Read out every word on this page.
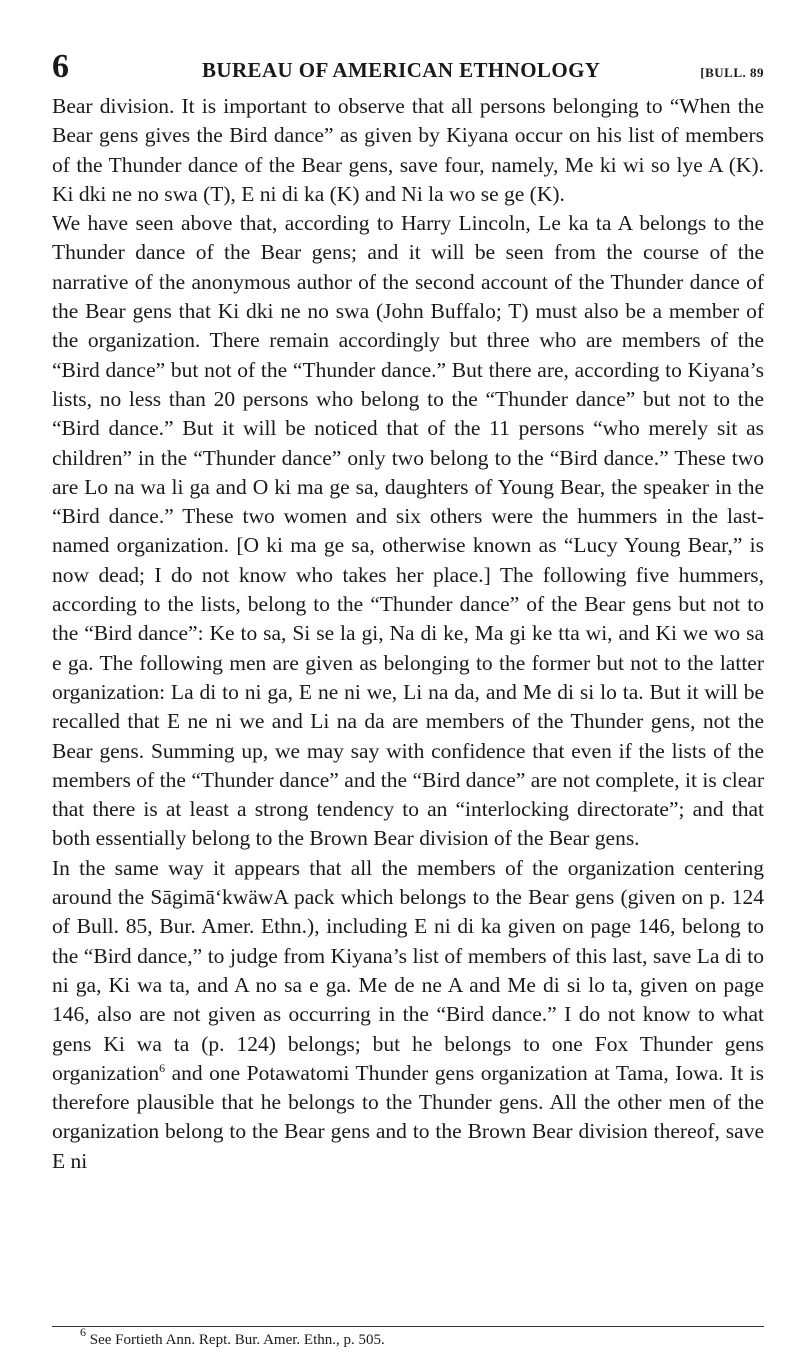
6	BUREAU OF AMERICAN ETHNOLOGY	[BULL. 89

Bear division. It is important to observe that all persons belonging to “When the Bear gens gives the Bird dance” as given by Kiyana occur on his list of members of the Thunder dance of the Bear gens, save four, namely, Me ki wi so lye A (K). Ki dki ne no swa (T), E ni di ka (K) and Ni la wo se ge (K).

We have seen above that, according to Harry Lincoln, Le ka ta A belongs to the Thunder dance of the Bear gens; and it will be seen from the course of the narrative of the anonymous author of the second account of the Thunder dance of the Bear gens that Ki dki ne no swa (John Buffalo; T) must also be a member of the organization. There remain accordingly but three who are members of the “Bird dance” but not of the “Thunder dance.” But there are, according to Kiyana’s lists, no less than 20 persons who belong to the “Thunder dance” but not to the “Bird dance.” But it will be noticed that of the 11 persons “who merely sit as children” in the “Thunder dance” only two belong to the “Bird dance.” These two are Lo na wa li ga and O ki ma ge sa, daughters of Young Bear, the speaker in the “Bird dance.” These two women and six others were the hummers in the last-named organization. [O ki ma ge sa, otherwise known as “Lucy Young Bear,” is now dead; I do not know who takes her place.] The following five hummers, according to the lists, belong to the “Thunder dance” of the Bear gens but not to the “Bird dance”: Ke to sa, Si se la gi, Na di ke, Ma gi ke tta wi, and Ki we wo sa e ga. The following men are given as belonging to the former but not to the latter organization: La di to ni ga, E ne ni we, Li na da, and Me di si lo ta. But it will be recalled that E ne ni we and Li na da are members of the Thunder gens, not the Bear gens. Summing up, we may say with confidence that even if the lists of the members of the “Thunder dance” and the “Bird dance” are not complete, it is clear that there is at least a strong tendency to an “interlocking directorate”; and that both essentially belong to the Brown Bear division of the Bear gens.

In the same way it appears that all the members of the organization centering around the SāgimāʻkwäwA pack which belongs to the Bear gens (given on p. 124 of Bull. 85, Bur. Amer. Ethn.), including E ni di ka given on page 146, belong to the “Bird dance,” to judge from Kiyana’s list of members of this last, save La di to ni ga, Ki wa ta, and A no sa e ga. Me de ne A and Me di si lo ta, given on page 146, also are not given as occurring in the “Bird dance.” I do not know to what gens Ki wa ta (p. 124) belongs; but he belongs to one Fox Thunder gens organization$^6$ and one Potawatomi Thunder gens organization at Tama, Iowa. It is therefore plausible that he belongs to the Thunder gens. All the other men of the organization belong to the Bear gens and to the Brown Bear division thereof, save E ni

$^6$ See Fortieth Ann. Rept. Bur. Amer. Ethn., p. 505.
